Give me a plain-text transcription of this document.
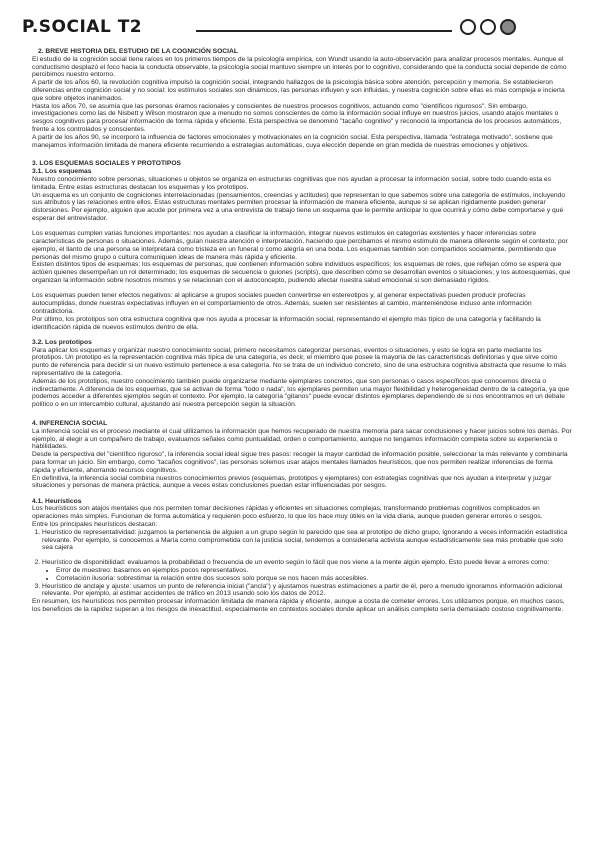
P.SOCIAL T2

2. BREVE HISTORIA DEL ESTUDIO DE LA COGNICIÓN SOCIAL

El estudio de la cognición social tiene raíces en los primeros tiempos de la psicología empírica, con Wundt usando la auto-observación para analizar procesos mentales. Aunque el conductismo desplazó el foco hacia la conducta observable, la psicología social mantuvo siempre un interés por lo cognitivo, considerando que la conducta social depende de cómo percibimos nuestro entorno.

A partir de los años 60, la revolución cognitiva impulsó la cognición social, integrando hallazgos de la psicología básica sobre atención, percepción y memoria. Se establecieron diferencias entre cognición social y no social: los estímulos sociales son dinámicos, las personas influyen y son influidas, y nuestra cognición sobre ellas es más compleja e incierta que sobre objetos inanimados.

Hasta los años 70, se asumía que las personas éramos racionales y conscientes de nuestros procesos cognitivos, actuando como "científicos rigurosos". Sin embargo, investigaciones como las de Nisbett y Wilson mostraron que a menudo no somos conscientes de cómo la información social influye en nuestros juicios, usando atajos mentales o sesgos cognitivos para procesar información de forma rápida y eficiente. Esta perspectiva se denominó "tacaño cognitivo" y reconoció la importancia de los procesos automáticos, frente a los controlados y conscientes.

A partir de los años 90, se incorporó la influencia de factores emocionales y motivacionales en la cognición social. Esta perspectiva, llamada "estratega motivado", sostiene que manejamos información limitada de manera eficiente recurriendo a estrategias automáticas, cuya elección depende en gran medida de nuestras emociones y objetivos.

3. LOS ESQUEMAS SOCIALES Y PROTOTIPOS

3.1. Los esquemas

Nuestro conocimiento sobre personas, situaciones u objetos se organiza en estructuras cognitivas que nos ayudan a procesar la información social, sobre todo cuando esta es limitada. Entre estas estructuras destacan los esquemas y los prototipos.

Un esquema es un conjunto de cogniciones interrelacionadas (pensamientos, creencias y actitudes) que representan lo que sabemos sobre una categoría de estímulos, incluyendo sus atributos y las relaciones entre ellos. Estas estructuras mentales permiten procesar la información de manera eficiente, aunque si se aplican rígidamente pueden generar distorsiones. Por ejemplo, alguien que acude por primera vez a una entrevista de trabajo tiene un esquema que le permite anticipar lo que ocurrirá y cómo debe comportarse y qué esperar del entrevistador.

Los esquemas cumplen varias funciones importantes: nos ayudan a clasificar la información, integrar nuevos estímulos en categorías existentes y hacer inferencias sobre características de personas o situaciones. Además, guían nuestra atención e interpretación, haciendo que percibamos el mismo estímulo de manera diferente según el contexto; por ejemplo, el llanto de una persona se interpretará como tristeza en un funeral o como alegría en una boda. Los esquemas también son compartidos socialmente, permitiendo que personas del mismo grupo o cultura comuniquen ideas de manera más rápida y eficiente.

Existen distintos tipos de esquemas: los esquemas de personas, que contienen información sobre individuos específicos; los esquemas de roles, que reflejan cómo se espera que actúen quienes desempeñan un rol determinado; los esquemas de secuencia o guiones (scripts), que describen cómo se desarrollan eventos o situaciones; y los autoesquemas, que organizan la información sobre nosotros mismos y se relacionan con el autoconcepto, pudiendo afectar nuestra salud emocional si son demasiado rígidos.

Los esquemas pueden tener efectos negativos: al aplicarse a grupos sociales pueden convertirse en estereotipos y, al generar expectativas pueden producir profecías autocumplidas, donde nuestras expectativas influyen en el comportamiento de otros. Además, suelen ser resistentes al cambio, manteniéndose incluso ante información contradictoria.

Por último, los prototipos son otra estructura cognitiva que nos ayuda a procesar la información social, representando el ejemplo más típico de una categoría y facilitando la identificación rápida de nuevos estímulos dentro de ella.

3.2. Los prototipos

Para aplicar los esquemas y organizar nuestro conocimiento social, primero necesitamos categorizar personas, eventos o situaciones, y esto se logra en parte mediante los prototipos. Un prototipo es la representación cognitiva más típica de una categoría, es decir, el miembro que posee la mayoría de las características definitorias y que sirve como punto de referencia para decidir si un nuevo estímulo pertenece a esa categoría. No se trata de un individuo concreto, sino de una estructura cognitiva abstracta que resume lo más representativo de la categoría.

Además de los prototipos, nuestro conocimiento también puede organizarse mediante ejemplares concretos, que son personas o casos específicos que conocemos directa o indirectamente. A diferencia de los esquemas, que se activan de forma "todo o nada", los ejemplares permiten una mayor flexibilidad y heterogeneidad dentro de la categoría, ya que podemos acceder a diferentes ejemplos según el contexto. Por ejemplo, la categoría "gitanos" puede evocar distintos ejemplares dependiendo de si nos encontramos en un debate político o en un intercambio cultural, ajustando así nuestra percepción según la situación.

4. INFERENCIA SOCIAL

La inferencia social es el proceso mediante el cual utilizamos la información que hemos recuperado de nuestra memoria para sacar conclusiones y hacer juicios sobre los demás. Por ejemplo, al elegir a un compañero de trabajo, evaluamos señales como puntualidad, orden o comportamiento, aunque no tengamos información completa sobre su experiencia o habilidades.

Desde la perspectiva del "científico riguroso", la inferencia social ideal sigue tres pasos: recoger la mayor cantidad de información posible, seleccionar la más relevante y combinarla para formar un juicio. Sin embargo, como "tacaños cognitivos", las personas solemos usar atajos mentales llamados heurísticos, que nos permiten realizar inferencias de forma rápida y eficiente, ahorrando recursos cognitivos.

En definitiva, la inferencia social combina nuestros conocimientos previos (esquemas, prototipos y ejemplares) con estrategias cognitivas que nos ayudan a interpretar y juzgar situaciones y personas de manera práctica, aunque a veces estas conclusiones puedan estar influenciadas por sesgos.

4.1. Heurísticos

Los heurísticos son atajos mentales que nos permiten tomar decisiones rápidas y eficientes en situaciones complejas, transformando problemas cognitivos complicados en operaciones más simples. Funcionan de forma automática y requieren poco esfuerzo, lo que los hace muy útiles en la vida diaria, aunque pueden generar errores o sesgos.

Entre los principales heurísticos destacan:

1. Heurístico de representatividad: juzgamos la pertenencia de alguien a un grupo según lo parecido que sea al prototipo de dicho grupo, ignorando a veces información estadística relevante. Por ejemplo, si conocemos a María como comprometida con la justicia social, tendemos a considerarla activista aunque estadísticamente sea más probable que solo sea cajera
2. Heurístico de disponibilidad: evaluamos la probabilidad o frecuencia de un evento según lo fácil que nos viene a la mente algún ejemplo. Esto puede llevar a errores como:
• Error de muestreo: basarnos en ejemplos pocos representativos.
• Correlación ilusoria: sobrestimar la relación entre dos sucesos solo porque se nos hacen más accesibles.
3. Heurístico de anclaje y ajuste: usamos un punto de referencia inicial ("ancla") y ajustamos nuestras estimaciones a partir de él, pero a menudo ignoramos información adicional relevante. Por ejemplo, al estimar accidentes de tráfico en 2013 usando solo los datos de 2012.

En resumen, los heurísticos nos permiten procesar información limitada de manera rápida y eficiente, aunque a costa de cometer errores. Los utilizamos porque, en muchos casos, los beneficios de la rapidez superan a los riesgos de inexactitud, especialmente en contextos sociales donde aplicar un análisis completo sería demasiado costoso cognitivamente.
